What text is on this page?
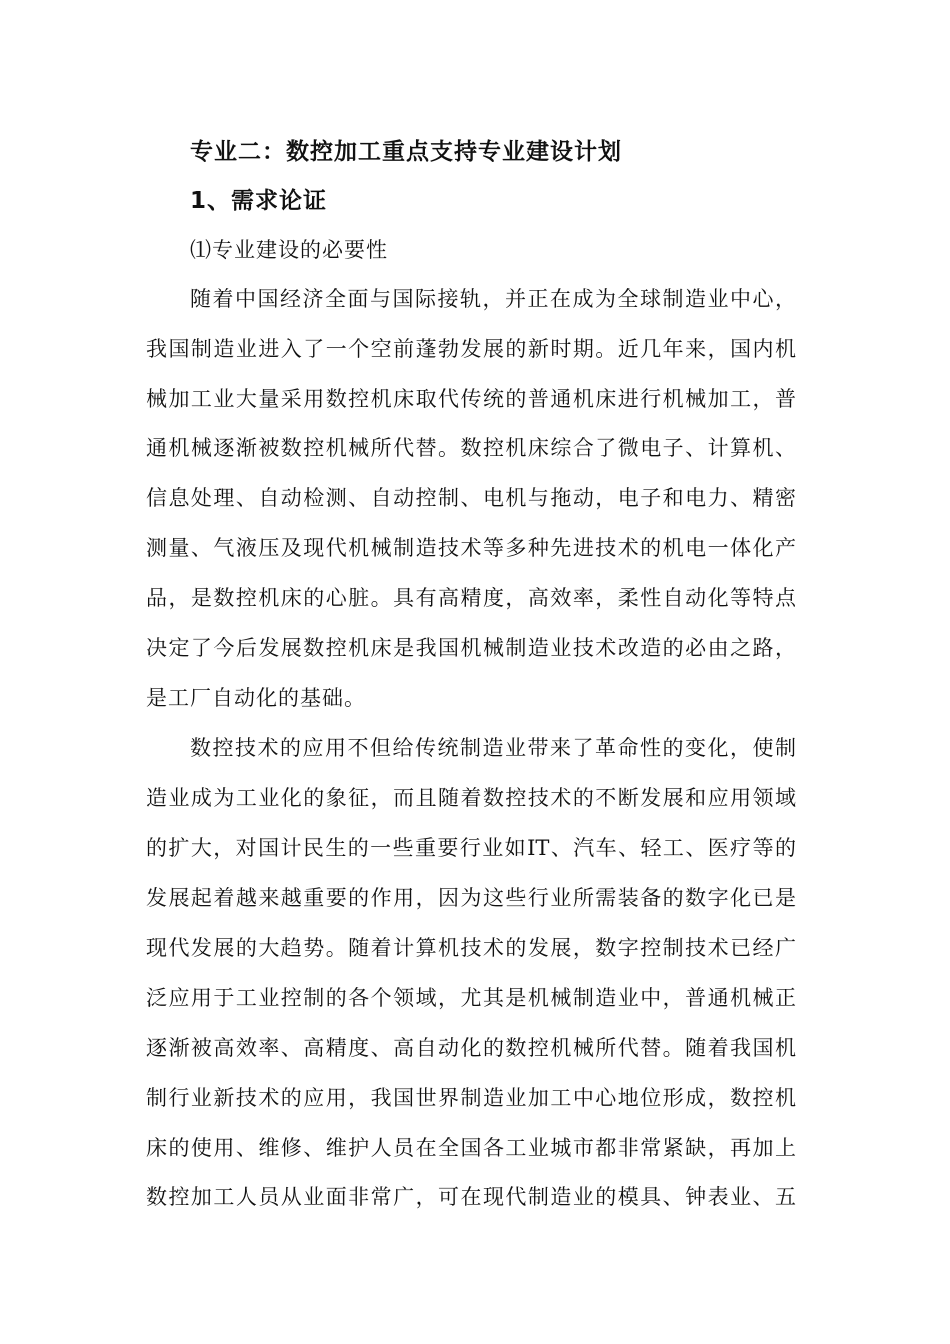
专业二：数控加工重点支持专业建设计划
1、需求论证
⑴专业建设的必要性
随着中国经济全面与国际接轨，并正在成为全球制造业中心，
我国制造业进入了一个空前蓬勃发展的新时期。近几年来，国内机
械加工业大量采用数控机床取代传统的普通机床进行机械加工，普
通机械逐渐被数控机械所代替。数控机床综合了微电子、计算机、
信息处理、自动检测、自动控制、电机与拖动，电子和电力、精密
测量、气液压及现代机械制造技术等多种先进技术的机电一体化产
品，是数控机床的心脏。具有高精度，高效率，柔性自动化等特点
决定了今后发展数控机床是我国机械制造业技术改造的必由之路，
是工厂自动化的基础。
数控技术的应用不但给传统制造业带来了革命性的变化，使制
造业成为工业化的象征，而且随着数控技术的不断发展和应用领域
的扩大，对国计民生的一些重要行业如IT、汽车、轻工、医疗等的
发展起着越来越重要的作用，因为这些行业所需装备的数字化已是
现代发展的大趋势。随着计算机技术的发展，数字控制技术已经广
泛应用于工业控制的各个领域，尤其是机械制造业中，普通机械正
逐渐被高效率、高精度、高自动化的数控机械所代替。随着我国机
制行业新技术的应用，我国世界制造业加工中心地位形成，数控机
床的使用、维修、维护人员在全国各工业城市都非常紧缺，再加上
数控加工人员从业面非常广，可在现代制造业的模具、钟表业、五
